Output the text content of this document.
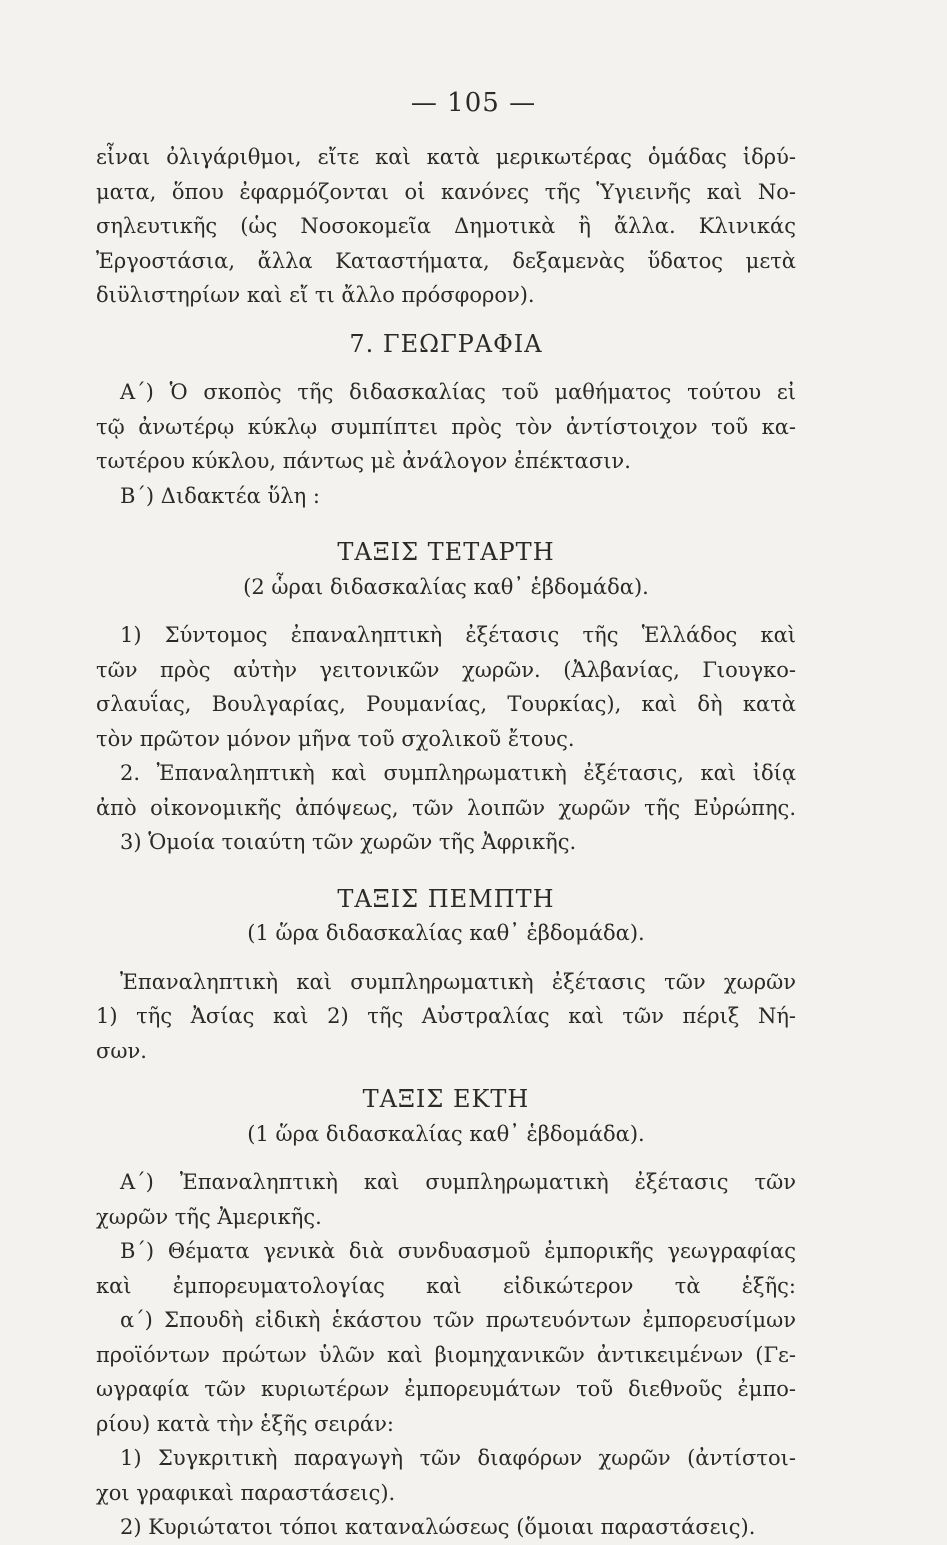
— 105 —
εἶναι ὀλιγάριθμοι, εἴτε καὶ κατὰ μερικωτέρας ὁμάδας ἱδρύ-
ματα, ὅπου ἐφαρμόζονται οἱ κανόνες τῆς Ὑγιεινῆς καὶ Νο-
σηλευτικῆς (ὡς Νοσοκομεῖα Δημοτικὰ ἢ ἄλλα. Κλινικάς
Ἐργοστάσια, ἄλλα Καταστήματα, δεξαμενὰς ὕδατος μετὰ
διϋλιστηρίων καὶ εἴ τι ἄλλο πρόσφορον).
7. ΓΕΩΓΡΑΦΙΑ
Α΄) Ὁ σκοπὸς τῆς διδασκαλίας τοῦ μαθήματος τούτου εἰ
τῷ ἀνωτέρῳ κύκλῳ συμπίπτει πρὸς τὸν ἀντίστοιχον τοῦ κα-
τωτέρου κύκλου, πάντως μὲ ἀνάλογον ἐπέκτασιν.
Β΄) Διδακτέα ὕλη :
ΤΑΞΙΣ ΤΕΤΑΡΤΗ
(2 ὧραι διδασκαλίας καθ᾽ ἑβδομάδα).
1) Σύντομος ἐπαναληπτικὴ ἐξέτασις τῆς Ἑλλάδος καὶ
τῶν πρὸς αὐτὴν γειτονικῶν χωρῶν. (Ἀλβανίας, Γιουγκο-
σλαυΐας, Βουλγαρίας, Ρουμανίας, Τουρκίας), καὶ δὴ κατὰ
τὸν πρῶτον μόνον μῆνα τοῦ σχολικοῦ ἔτους.
2. Ἐπαναληπτικὴ καὶ συμπληρωματικὴ ἐξέτασις, καὶ ἰδίᾳ
ἀπὸ οἰκονομικῆς ἀπόψεως, τῶν λοιπῶν χωρῶν τῆς Εὐρώπης.
3) Ὁμοία τοιαύτη τῶν χωρῶν τῆς Ἀφρικῆς.
ΤΑΞΙΣ ΠΕΜΠΤΗ
(1 ὥρα διδασκαλίας καθ᾽ ἑβδομάδα).
Ἐπαναληπτικὴ καὶ συμπληρωματικὴ ἐξέτασις τῶν χωρῶν
1) τῆς Ἀσίας καὶ 2) τῆς Αὐστραλίας καὶ τῶν πέριξ Νή-
σων.
ΤΑΞΙΣ ΕΚΤΗ
(1 ὥρα διδασκαλίας καθ᾽ ἑβδομάδα).
Α΄) Ἐπαναληπτικὴ καὶ συμπληρωματικὴ ἐξέτασις τῶν
χωρῶν τῆς Ἀμερικῆς.
Β΄) Θέματα γενικὰ διὰ συνδυασμοῦ ἐμπορικῆς γεωγραφίας
καὶ ἐμπορευματολογίας καὶ εἰδικώτερον τὰ ἑξῆς:
α΄) Σπουδὴ εἰδικὴ ἑκάστου τῶν πρωτευόντων ἐμπορευσίμων
προϊόντων πρώτων ὑλῶν καὶ βιομηχανικῶν ἀντικειμένων (Γε-
ωγραφία τῶν κυριωτέρων ἐμπορευμάτων τοῦ διεθνοῦς ἐμπο-
ρίου) κατὰ τὴν ἑξῆς σειράν:
1) Συγκριτικὴ παραγωγὴ τῶν διαφόρων χωρῶν (ἀντίστοι-
χοι γραφικαὶ παραστάσεις).
2) Κυριώτατοι τόποι καταναλώσεως (ὅμοιαι παραστάσεις).
